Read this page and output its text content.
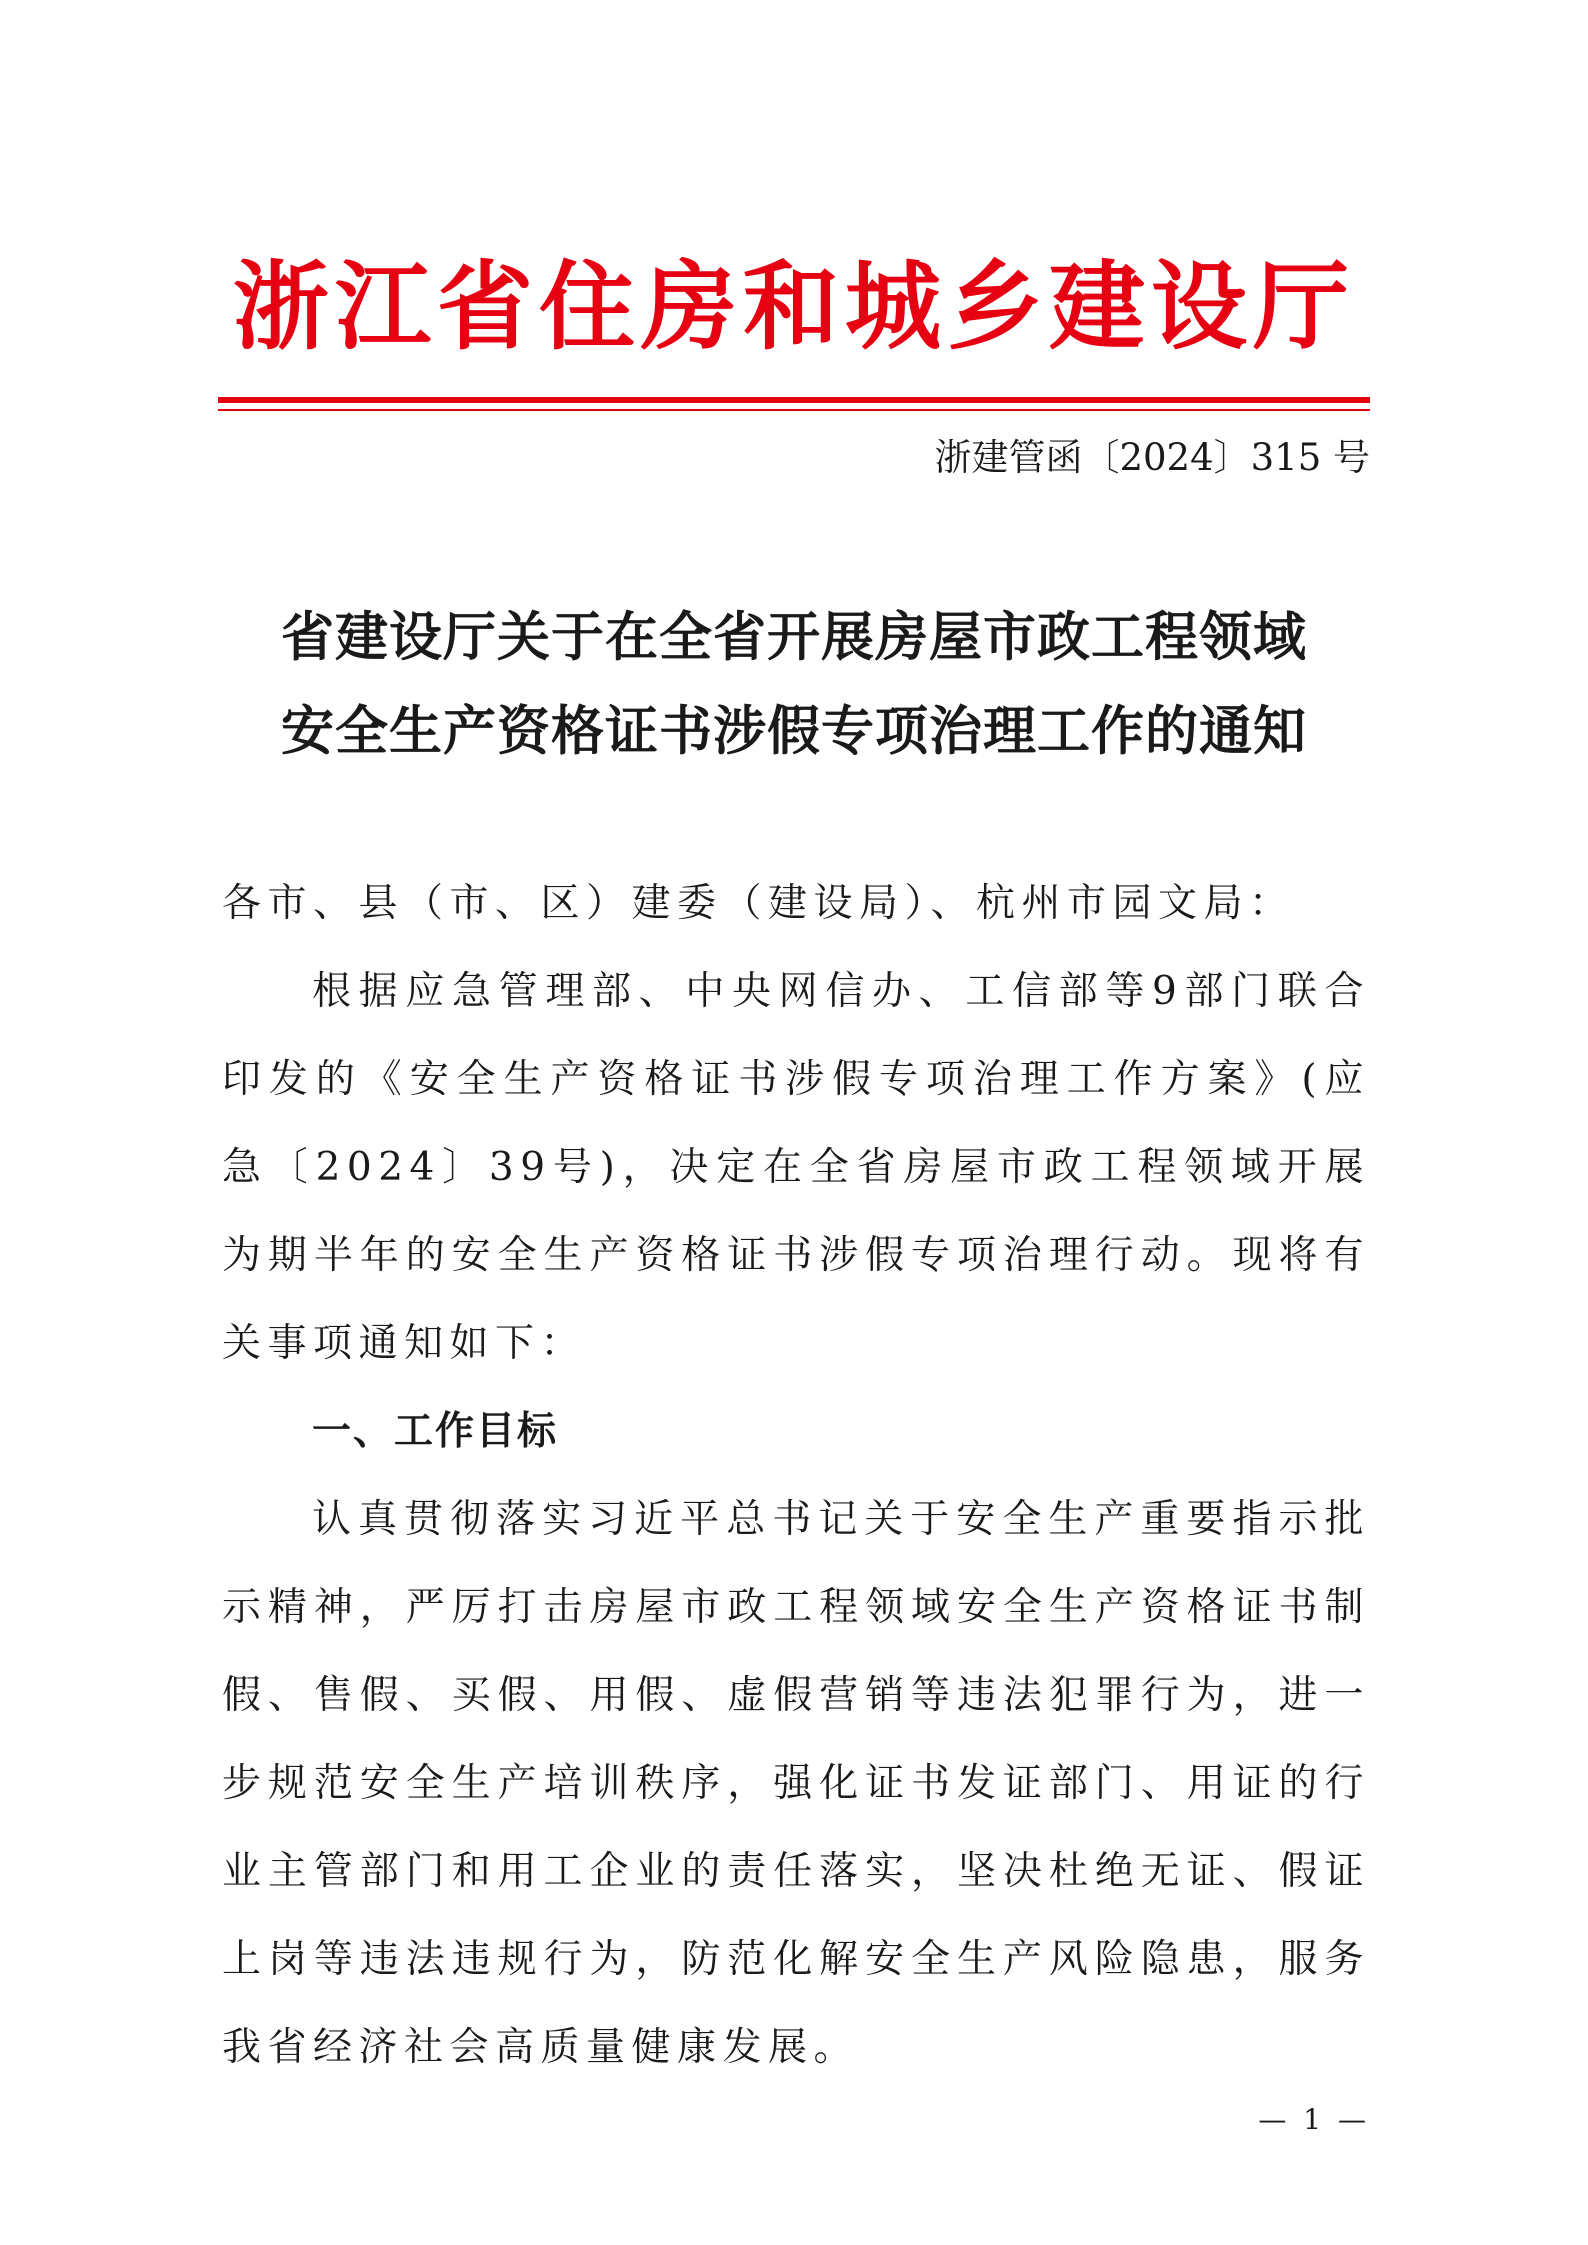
浙江省住房和城乡建设厅
浙建管函〔2024〕315 号
省建设厅关于在全省开展房屋市政工程领域
安全生产资格证书涉假专项治理工作的通知

各市、县（市、区）建委（建设局）、杭州市园文局：

根据应急管理部、中央网信办、工信部等9部门联合印发的《安全生产资格证书涉假专项治理工作方案》(应急〔2024〕39号)，决定在全省房屋市政工程领域开展为期半年的安全生产资格证书涉假专项治理行动。现将有关事项通知如下：

一、工作目标

认真贯彻落实习近平总书记关于安全生产重要指示批示精神，严厉打击房屋市政工程领域安全生产资格证书制假、售假、买假、用假、虚假营销等违法犯罪行为，进一步规范安全生产培训秩序，强化证书发证部门、用证的行业主管部门和用工企业的责任落实，坚决杜绝无证、假证上岗等违法违规行为，防范化解安全生产风险隐患，服务我省经济社会高质量健康发展。

— 1 —
